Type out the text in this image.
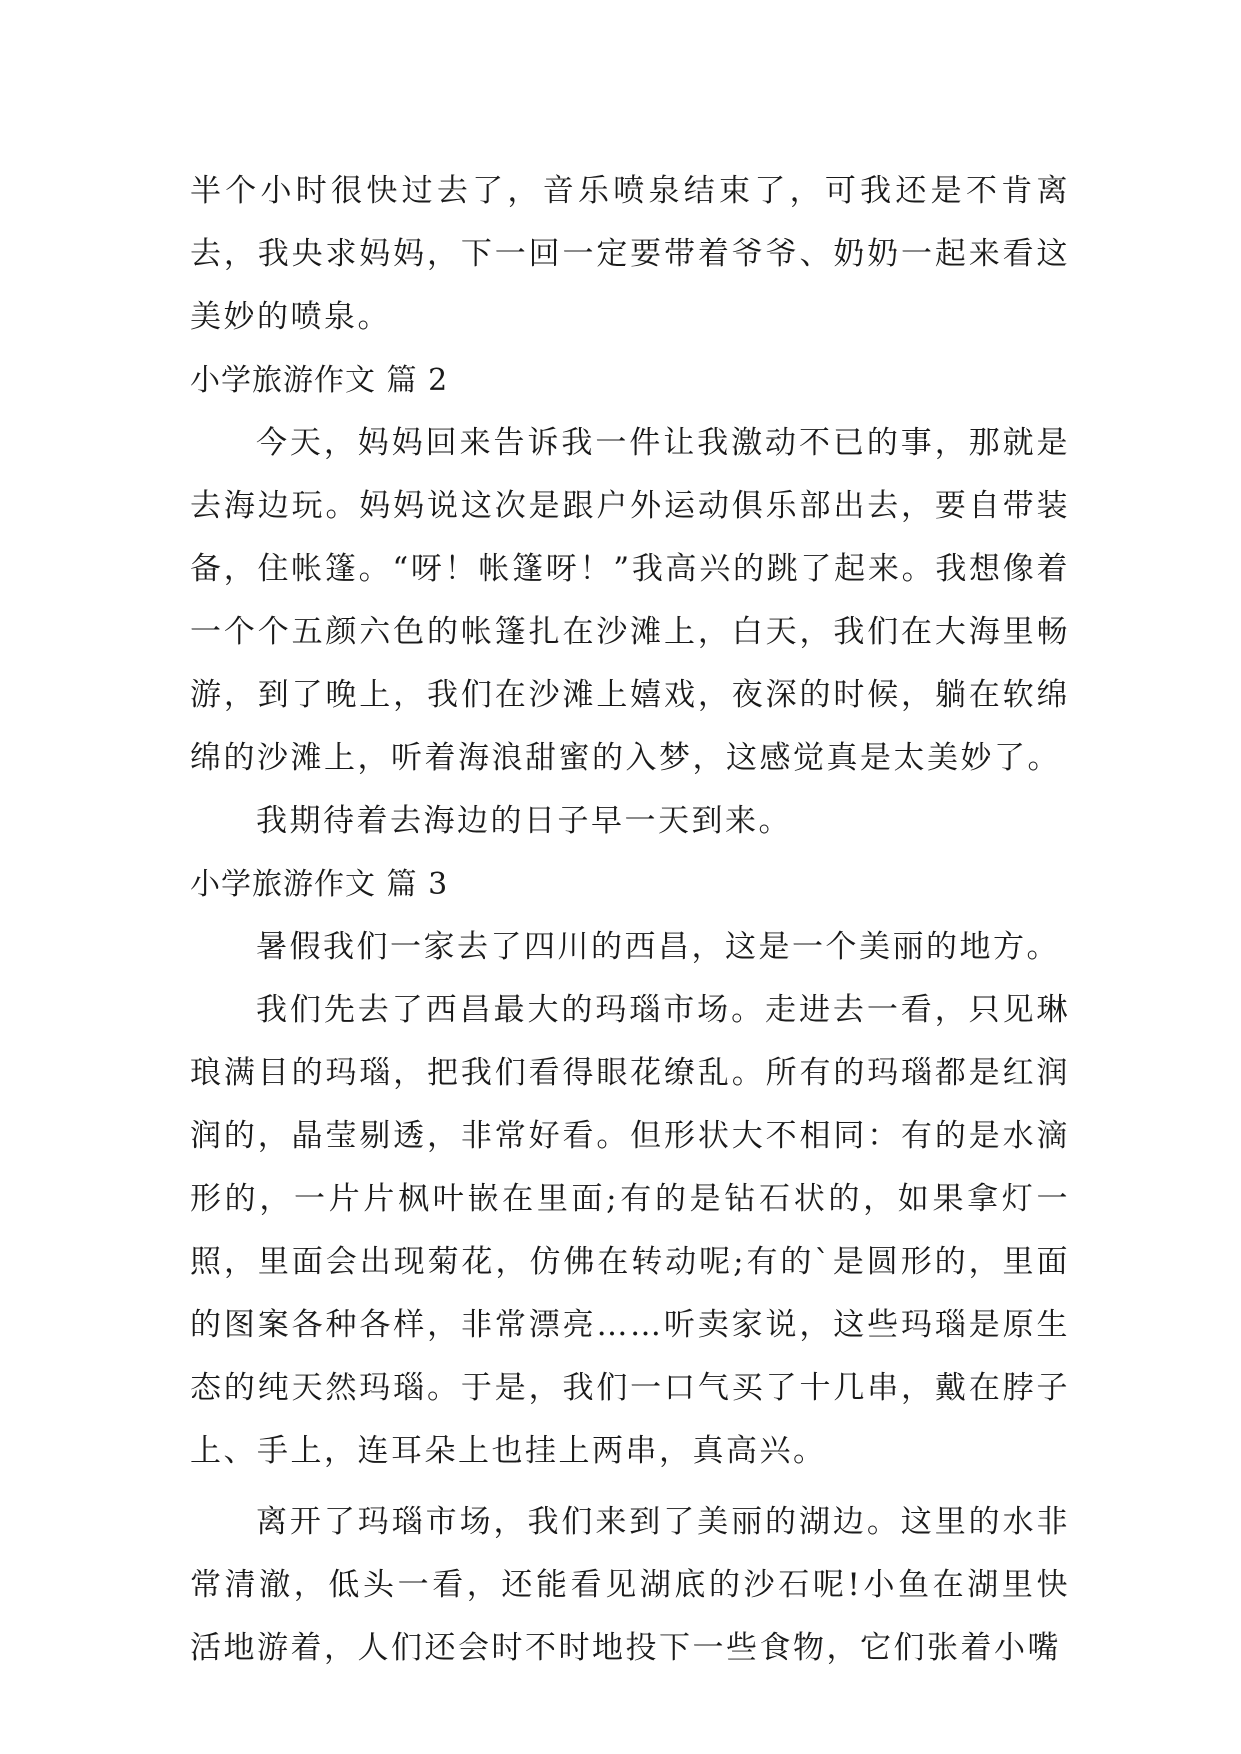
半个小时很快过去了，音乐喷泉结束了，可我还是不肯离去，我央求妈妈，下一回一定要带着爷爷、奶奶一起来看这美妙的喷泉。

小学旅游作文 篇 2

今天，妈妈回来告诉我一件让我激动不已的事，那就是去海边玩。妈妈说这次是跟户外运动俱乐部出去，要自带装备，住帐篷。“呀！帐篷呀！”我高兴的跳了起来。我想像着一个个五颜六色的帐篷扎在沙滩上，白天，我们在大海里畅游，到了晚上，我们在沙滩上嬉戏，夜深的时候，躺在软绵绵的沙滩上，听着海浪甜蜜的入梦，这感觉真是太美妙了。

我期待着去海边的日子早一天到来。

小学旅游作文 篇 3

暑假我们一家去了四川的西昌，这是一个美丽的地方。

我们先去了西昌最大的玛瑙市场。走进去一看，只见琳琅满目的玛瑙，把我们看得眼花缭乱。所有的玛瑙都是红润润的，晶莹剔透，非常好看。但形状大不相同：有的是水滴形的，一片片枫叶嵌在里面;有的是钻石状的，如果拿灯一照，里面会出现菊花，仿佛在转动呢;有的`是圆形的，里面的图案各种各样，非常漂亮……听卖家说，这些玛瑙是原生态的纯天然玛瑙。于是，我们一口气买了十几串，戴在脖子上、手上，连耳朵上也挂上两串，真高兴。

离开了玛瑙市场，我们来到了美丽的湖边。这里的水非常清澈，低头一看，还能看见湖底的沙石呢!小鱼在湖里快活地游着，人们还会时不时地投下一些食物，它们张着小嘴
